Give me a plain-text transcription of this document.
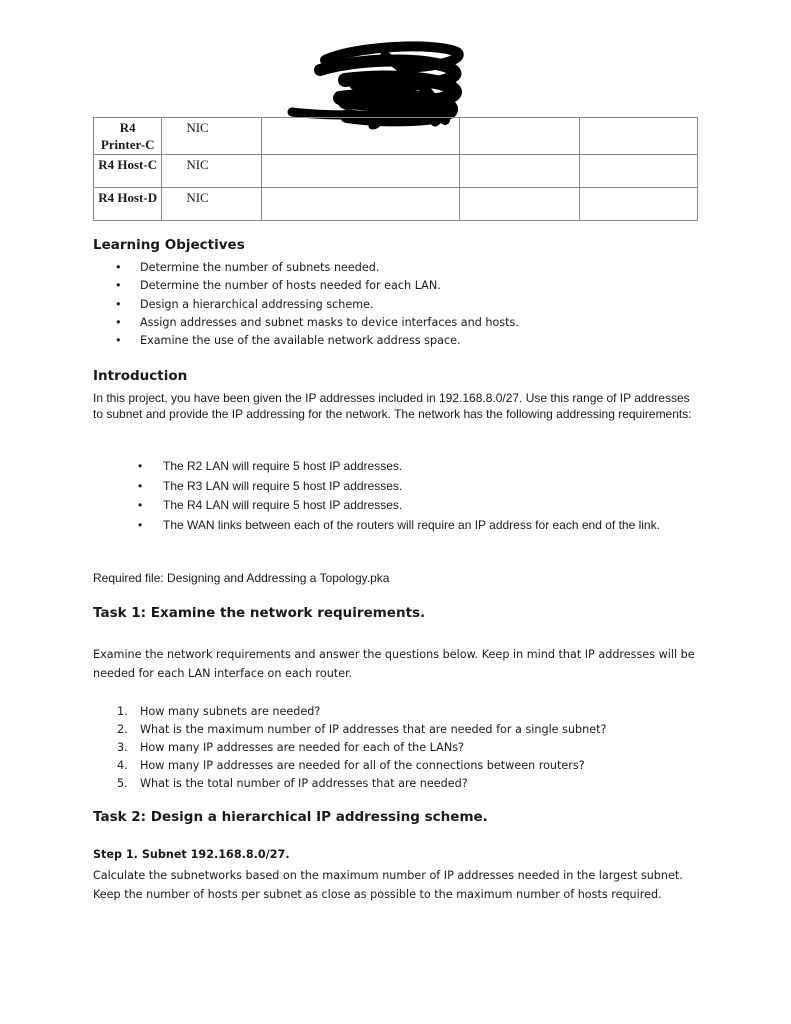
R4 Printer-C	NIC			
R4 Host-C	NIC			
R4 Host-D	NIC			
Learning Objectives
• Determine the number of subnets needed.
• Determine the number of hosts needed for each LAN.
• Design a hierarchical addressing scheme.
• Assign addresses and subnet masks to device interfaces and hosts.
• Examine the use of the available network address space.
Introduction
In this project, you have been given the IP addresses included in 192.168.8.0/27. Use this range of IP addresses to subnet and provide the IP addressing for the network. The network has the following addressing requirements:
• The R2 LAN will require 5 host IP addresses.
• The R3 LAN will require 5 host IP addresses.
• The R4 LAN will require 5 host IP addresses.
• The WAN links between each of the routers will require an IP address for each end of the link.
Required file: Designing and Addressing a Topology.pka
Task 1: Examine the network requirements.
Examine the network requirements and answer the questions below. Keep in mind that IP addresses will be needed for each LAN interface on each router.
1. How many subnets are needed?
2. What is the maximum number of IP addresses that are needed for a single subnet?
3. How many IP addresses are needed for each of the LANs?
4. How many IP addresses are needed for all of the connections between routers?
5. What is the total number of IP addresses that are needed?
Task 2: Design a hierarchical IP addressing scheme.
Step 1. Subnet 192.168.8.0/27.
Calculate the subnetworks based on the maximum number of IP addresses needed in the largest subnet. Keep the number of hosts per subnet as close as possible to the maximum number of hosts required.
